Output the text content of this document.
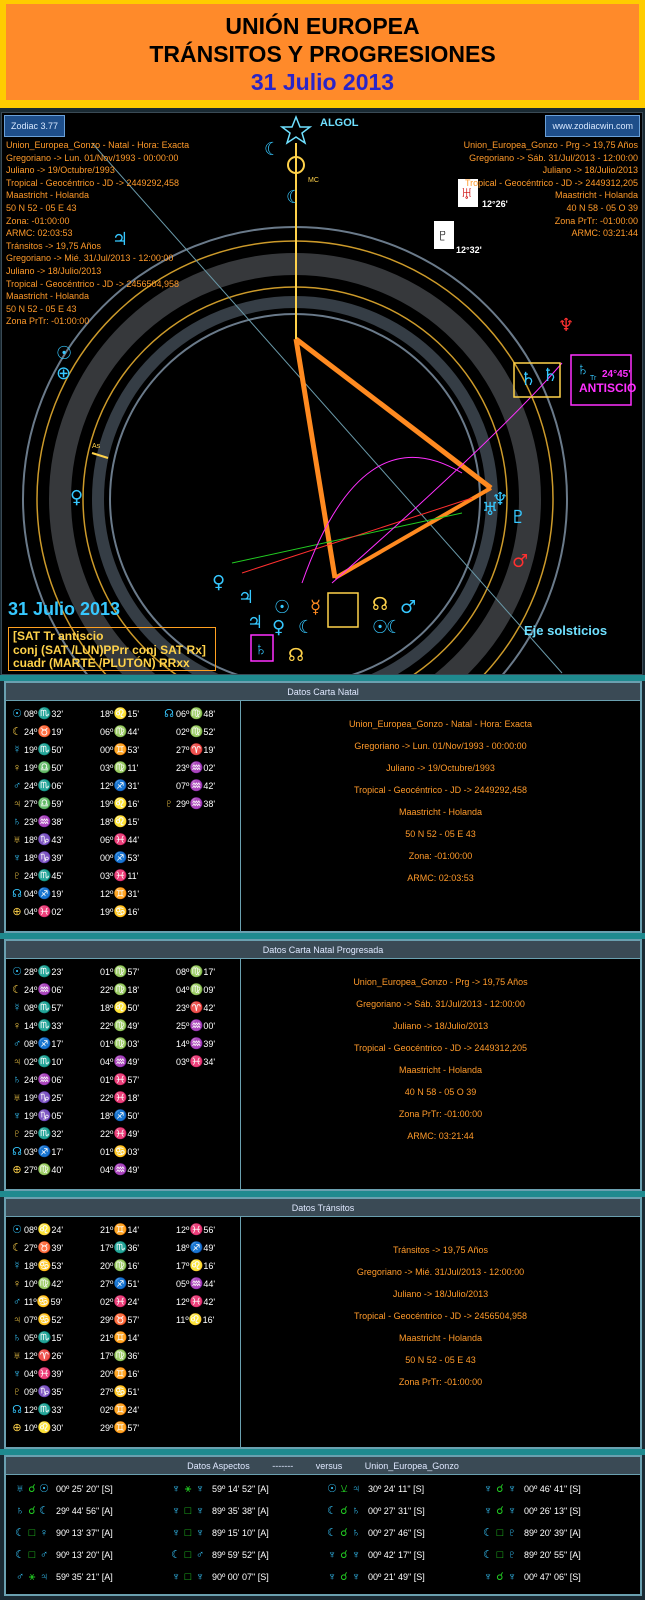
UNIÓN EUROPEA
TRÁNSITOS Y PROGRESIONES
31 Julio 2013
Zodiac 3.77	www.zodiacwin.com
☾
☾
♃
☉
⊕
♀
♀
♃ ☉ ☿	☊ ♂
♃ ♀ ☾
☊
☉
☾
♆
♅ ♇
♂
♆
♄ ♄
♅
♇
♄
♄
ALGOL
MC
As
Union_Europea_Gonzo - Natal - Hora: Exacta
Gregoriano -> Lun. 01/Nov/1993 - 00:00:00
Juliano -> 19/Octubre/1993
Tropical - Geocéntrico - JD -> 2449292,458
Maastricht - Holanda
50 N 52 - 05 E 43
Zona: -01:00:00
ARMC: 02:03:53
Tránsitos -> 19,75 Años
Gregoriano -> Mié. 31/Jul/2013 - 12:00:00
Juliano -> 18/Julio/2013
Tropical - Geocéntrico - JD -> 2456504,958
Maastricht - Holanda
50 N 52 - 05 E 43
Zona PrTr: -01:00:00
Union_Europea_Gonzo - Prg -> 19,75 Años
Gregoriano -> Sáb. 31/Jul/2013 - 12:00:00
Juliano -> 18/Julio/2013
Tropical - Geocéntrico - JD -> 2449312,205
Maastricht - Holanda
40 N 58 - 05 O 39
Zona PrTr: -01:00:00
ARMC: 03:21:44
12°26'
12°32'
Tr 24°45'
ANTISCIO
31 Julio 2013
[SAT Tr antiscio
conj (SAT /LUN)PPrr conj SAT Rx]
cuadr (MARTE /PLUTÓN) RRxx
Eje solsticios
Datos Carta Natal
☉ 08º♏32'	18º♌15' ☊ 06º♍48'
☾ 24º♉19'	06º♍44'	02º♍52'
☿ 19º♏50'	00º♊53'	27º♈19'
♀ 19º♎50'	03º♍11'	23º♒02'
♂ 24º♏06'	12º♐31'	07º♒42'
♃ 27º♎59'	19º♌16' ♇ 29º♒38'
♄ 23º♒38'	18º♌15'
♅ 18º♑43'	06º♓44'
♆ 18º♑39'	00º♐53'
♇ 24º♏45'	03º♓11'
☊ 04º♐19'	12º♊31'
⊕ 04º♓02'	19º♋16'
Union_Europea_Gonzo - Natal - Hora: Exacta
Gregoriano -> Lun. 01/Nov/1993 - 00:00:00
Juliano -> 19/Octubre/1993
Tropical - Geocéntrico - JD -> 2449292,458
Maastricht - Holanda
50 N 52 - 05 E 43
Zona: -01:00:00
ARMC: 02:03:53
Datos Carta Natal Progresada
☉ 28º♏23'	01º♍57'	08º♍17'
☾ 24º♒06'	22º♍18'	04º♍09'
☿ 08º♏57'	18º♌50'	23º♈42'
♀ 14º♏33'	22º♍49'	25º♒00'
♂ 08º♐17'	01º♍03'	14º♒39'
♃ 02º♏10'	04º♒49'	03º♓34'
♄ 24º♒06'	01º♓57'
♅ 19º♑25'	22º♓18'
♆ 19º♑05'	18º♐50'
♇ 25º♏32'	22º♓49'
☊ 03º♐17'	01º♋03'
⊕ 27º♍40'	04º♒49'
Union_Europea_Gonzo - Prg -> 19,75 Años
Gregoriano -> Sáb. 31/Jul/2013 - 12:00:00
Juliano -> 18/Julio/2013
Tropical - Geocéntrico - JD -> 2449312,205
Maastricht - Holanda
40 N 58 - 05 O 39
Zona PrTr: -01:00:00
ARMC: 03:21:44
Datos Tránsitos
☉ 08º♌24'	21º♊14'	12º♓56'
☾ 27º♉39'	17º♏36'	18º♐49'
☿ 18º♋53'	20º♍16'	17º♌16'
♀ 10º♍42'	27º♐51'	05º♒44'
♂ 11º♋59'	02º♓24'	12º♓42'
♃ 07º♋52'	29º♉57'	11º♌16'
♄ 05º♏15'	21º♊14'
♅ 12º♈26'	17º♍36'
♆ 04º♓39'	20º♊16'
♇ 09º♑35'	27º♋51'
☊ 12º♏33'	02º♊24'
⊕ 10º♌30'	29º♊57'
Tránsitos -> 19,75 Años
Gregoriano -> Mié. 31/Jul/2013 - 12:00:00
Juliano -> 18/Julio/2013
Tropical - Geocéntrico - JD -> 2456504,958
Maastricht - Holanda
50 N 52 - 05 E 43
Zona PrTr: -01:00:00
Datos Aspectos	-------	versus	Union_Europea_Gonzo
♅ ☌ ☉ 00º 25' 20" [S]	♆ ⚹ ♆ 59º 14' 52" [A]	☉ ⚺ ♃ 30º 24' 11" [S]	♆ ☌ ♆ 00º 46' 41" [S]
♄ ☌ ☾ 29º 44' 56" [A]	♆ □ ♆ 89º 35' 38" [A]	☾ ☌ ♄ 00º 27' 31" [S]	♆ ☌ ♆ 00º 26' 13" [S]
☾ □ ♀ 90º 13' 37" [A]	♆ □ ♆ 89º 15' 10" [A]	☾ ☌ ♄ 00º 27' 46" [S]	☾ □ ♇ 89º 20' 39" [A]
☾ □ ♂ 90º 13' 20" [A]	☾ □ ♂ 89º 59' 52" [A]	♆ ☌ ♆ 00º 42' 17" [S]	☾ □ ♇ 89º 20' 55" [A]
♂ ⚹ ♃ 59º 35' 21" [A]	♆ □ ♆ 90º 00' 07" [S]	♆ ☌ ♆ 00º 21' 49" [S]	♆ ☌ ♆ 00º 47' 06" [S]
